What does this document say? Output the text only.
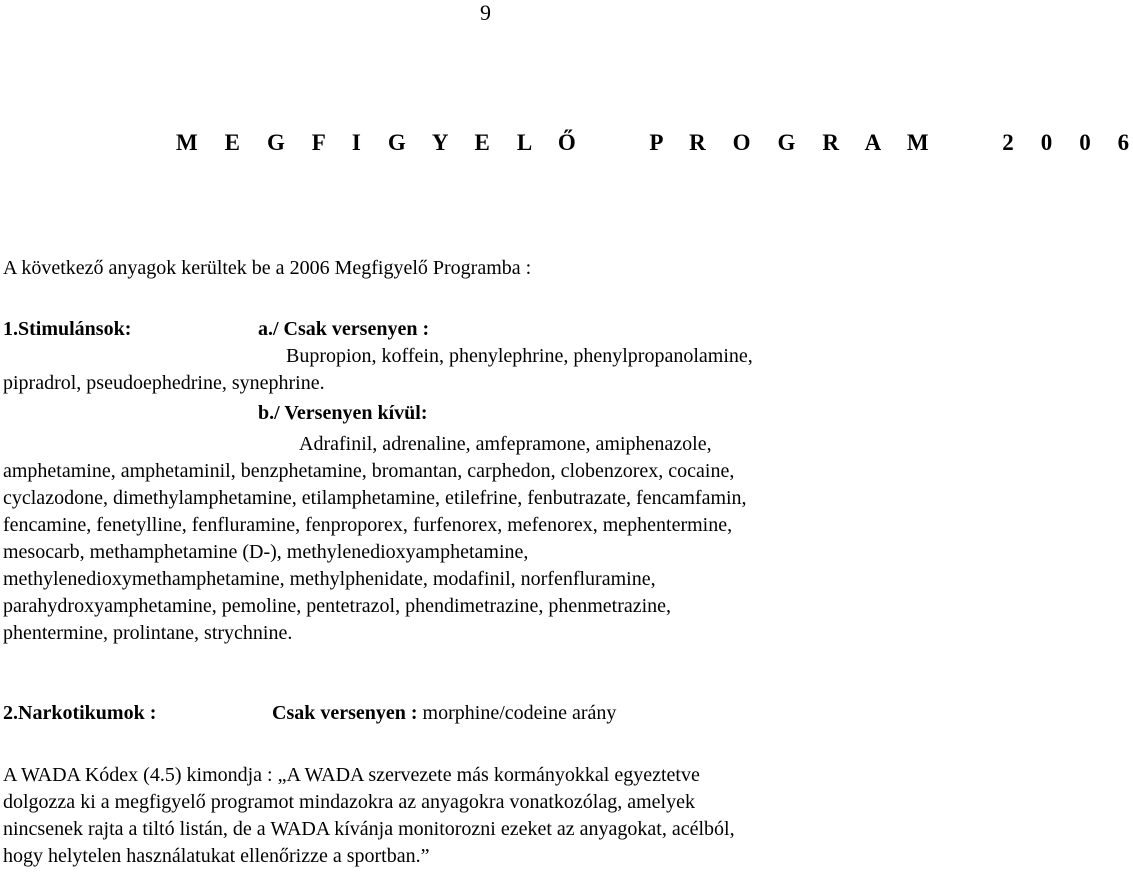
9
M E G F I G Y E L Ő   P R O G R A M   2 0 0 6
A következő anyagok kerültek be a 2006 Megfigyelő Programba :
1.Stimulánsok:	a./ Csak versenyen :
Bupropion, koffein, phenylephrine, phenylpropanolamine,
pipradrol, pseudoephedrine, synephrine.
b./ Versenyen kívül:
Adrafinil, adrenaline, amfepramone, amiphenazole,
amphetamine, amphetaminil, benzphetamine, bromantan, carphedon, clobenzorex, cocaine,
cyclazodone, dimethylamphetamine, etilamphetamine, etilefrine, fenbutrazate, fencamfamin,
fencamine, fenetylline, fenfluramine, fenproporex, furfenorex, mefenorex, mephentermine,
mesocarb, methamphetamine (D-), methylenedioxyamphetamine,
methylenedioxymethamphetamine, methylphenidate, modafinil, norfenfluramine,
parahydroxyamphetamine, pemoline, pentetrazol, phendimetrazine, phenmetrazine,
phentermine, prolintane, strychnine.
2.Narkotikumok :	Csak versenyen : morphine/codeine arány
A WADA Kódex (4.5) kimondja : „A WADA szervezete más kormányokkal egyeztetve
dolgozza ki a megfigyelő programot mindazokra az anyagokra vonatkozólag, amelyek
nincsenek rajta a tiltó listán, de a WADA kívánja monitorozni ezeket az anyagokat, acélból,
hogy helytelen használatukat ellenőrizze a sportban.”
